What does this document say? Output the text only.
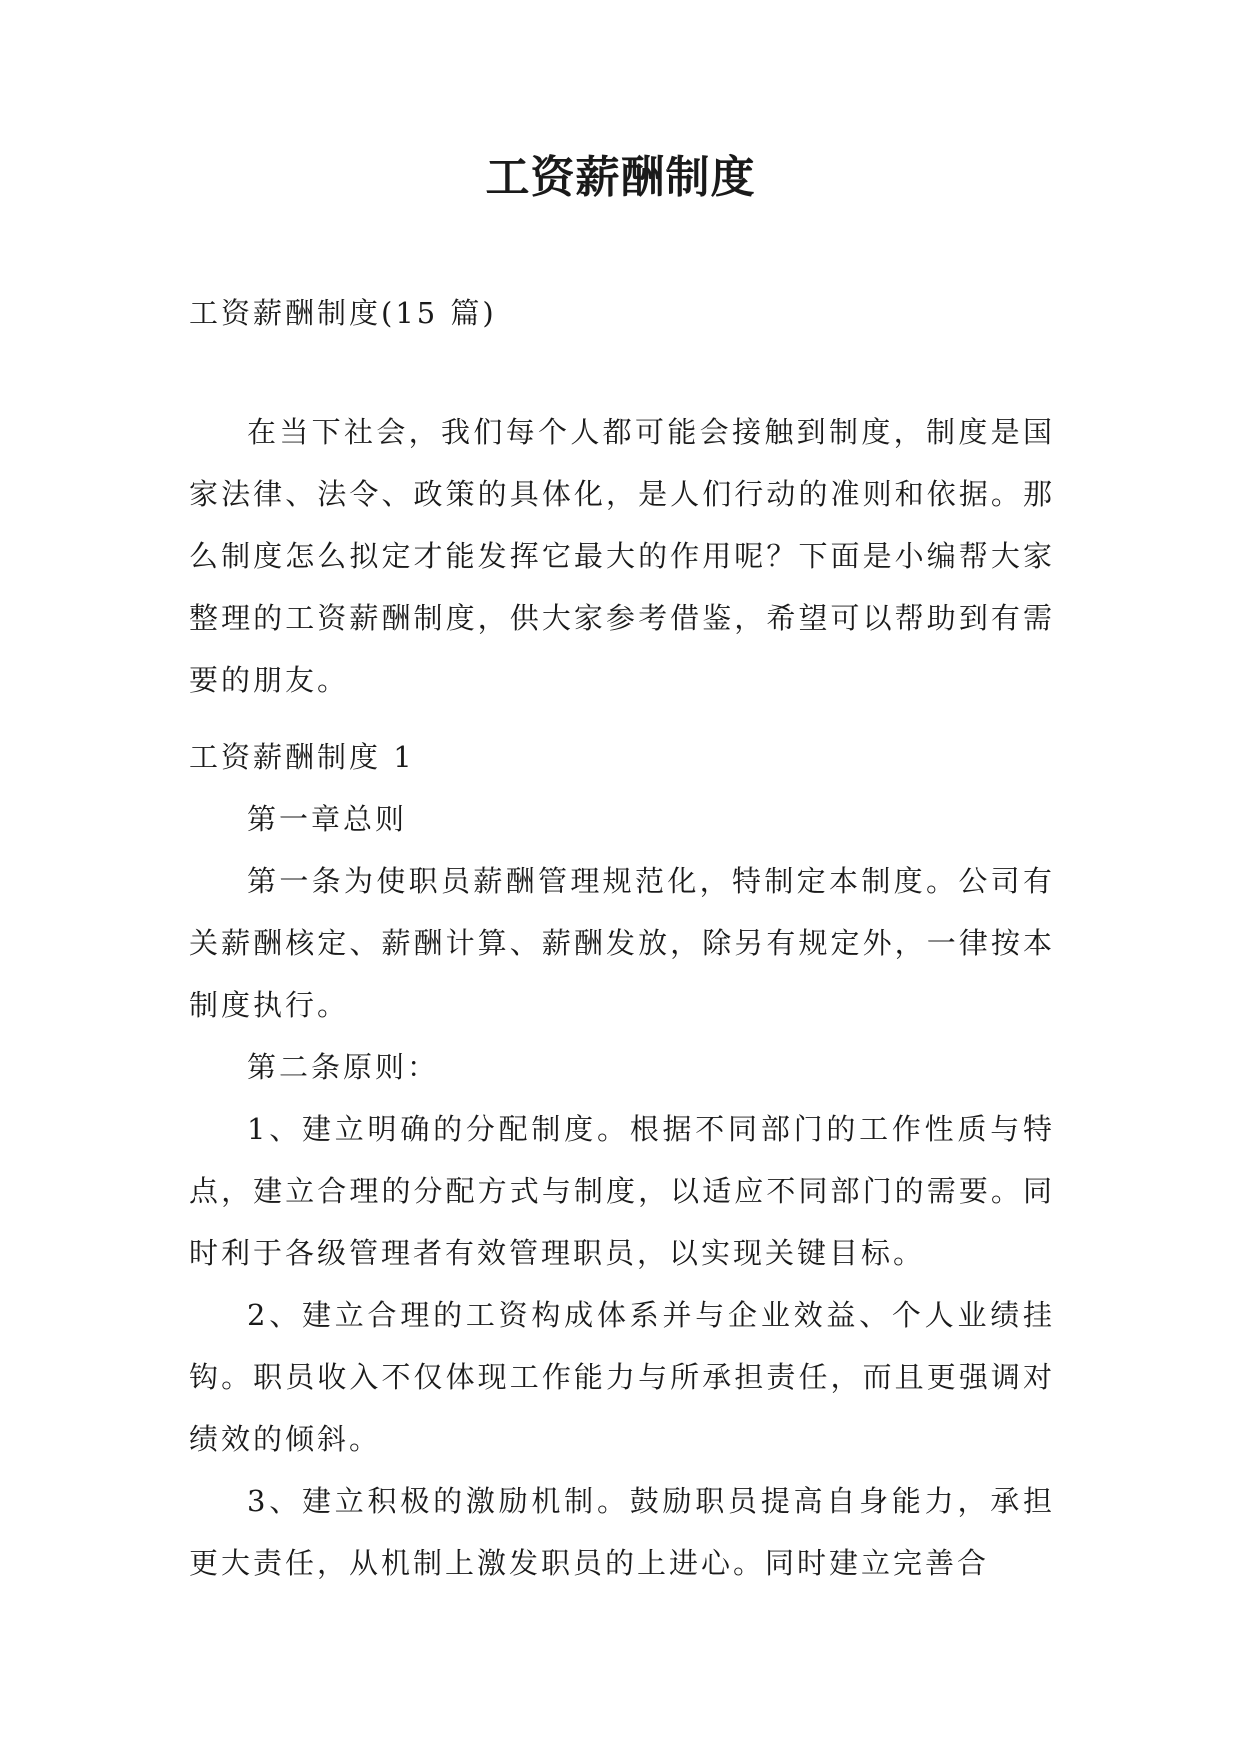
工资薪酬制度

工资薪酬制度(15 篇)

在当下社会，我们每个人都可能会接触到制度，制度是国家法律、法令、政策的具体化，是人们行动的准则和依据。那么制度怎么拟定才能发挥它最大的作用呢？下面是小编帮大家整理的工资薪酬制度，供大家参考借鉴，希望可以帮助到有需要的朋友。

工资薪酬制度 1

第一章总则

第一条为使职员薪酬管理规范化，特制定本制度。公司有关薪酬核定、薪酬计算、薪酬发放，除另有规定外，一律按本制度执行。

第二条原则：

1、建立明确的分配制度。根据不同部门的工作性质与特点，建立合理的分配方式与制度，以适应不同部门的需要。同时利于各级管理者有效管理职员，以实现关键目标。

2、建立合理的工资构成体系并与企业效益、个人业绩挂钩。职员收入不仅体现工作能力与所承担责任，而且更强调对绩效的倾斜。

3、建立积极的激励机制。鼓励职员提高自身能力，承担更大责任，从机制上激发职员的上进心。同时建立完善合
